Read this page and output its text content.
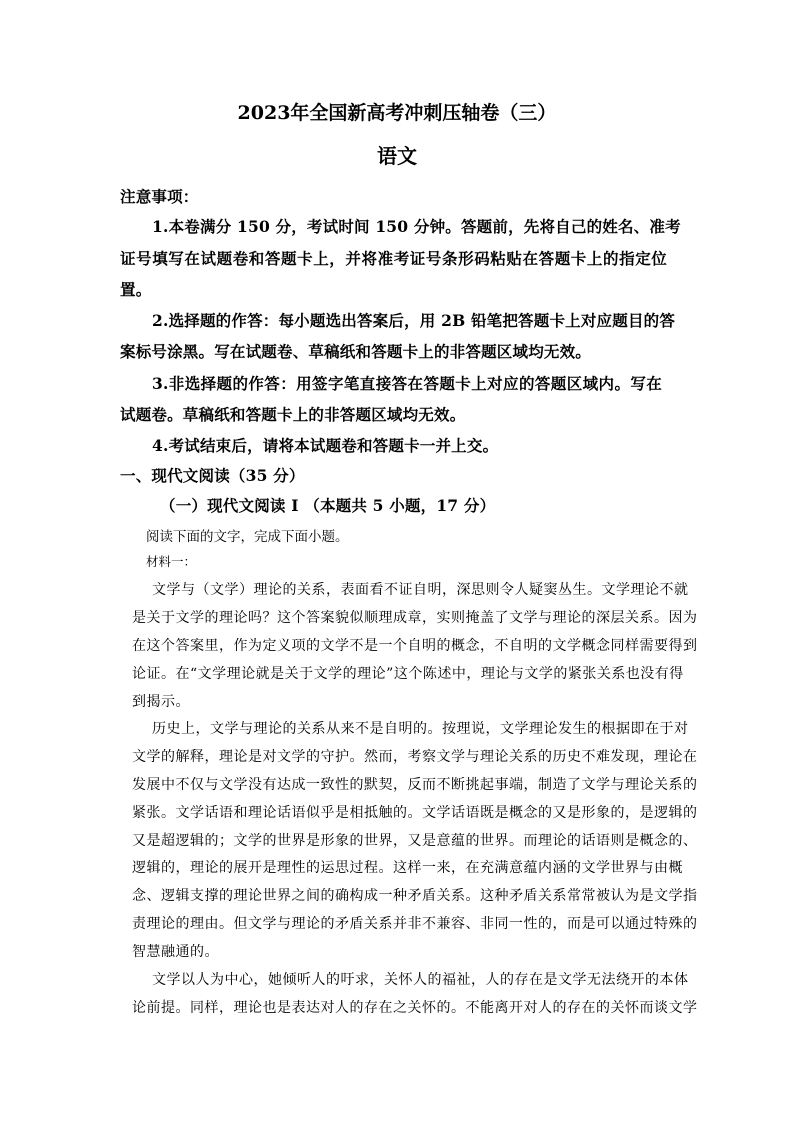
2023年全国新高考冲刺压轴卷（三）
语文
注意事项：
1.本卷满分 150 分，考试时间 150 分钟。答题前，先将自己的姓名、准考
证号填写在试题卷和答题卡上，并将准考证号条形码粘贴在答题卡上的指定位
置。
2.选择题的作答：每小题选出答案后，用 2B 铅笔把答题卡上对应题目的答
案标号涂黑。写在试题卷、草稿纸和答题卡上的非答题区域均无效。
3.非选择题的作答：用签字笔直接答在答题卡上对应的答题区域内。写在
试题卷。草稿纸和答题卡上的非答题区域均无效。
4.考试结束后，请将本试题卷和答题卡一并上交。
一、现代文阅读（35 分）
（一）现代文阅读 I （本题共 5 小题，17 分）
阅读下面的文字，完成下面小题。
材料一：
文学与（文学）理论的关系，表面看不证自明，深思则令人疑窦丛生。文学理论不就
是关于文学的理论吗？这个答案貌似顺理成章，实则掩盖了文学与理论的深层关系。因为
在这个答案里，作为定义项的文学不是一个自明的概念，不自明的文学概念同样需要得到
论证。在“文学理论就是关于文学的理论”这个陈述中，理论与文学的紧张关系也没有得
到揭示。
历史上，文学与理论的关系从来不是自明的。按理说，文学理论发生的根据即在于对
文学的解释，理论是对文学的守护。然而，考察文学与理论关系的历史不难发现，理论在
发展中不仅与文学没有达成一致性的默契，反而不断挑起事端，制造了文学与理论关系的
紧张。文学话语和理论话语似乎是相抵触的。文学话语既是概念的又是形象的，是逻辑的
又是超逻辑的；文学的世界是形象的世界，又是意蕴的世界。而理论的话语则是概念的、
逻辑的，理论的展开是理性的运思过程。这样一来，在充满意蕴内涵的文学世界与由概
念、逻辑支撑的理论世界之间的确构成一种矛盾关系。这种矛盾关系常常被认为是文学指
责理论的理由。但文学与理论的矛盾关系并非不兼容、非同一性的，而是可以通过特殊的
智慧融通的。
文学以人为中心，她倾听人的吁求，关怀人的福祉，人的存在是文学无法绕开的本体
论前提。同样，理论也是表达对人的存在之关怀的。不能离开对人的存在的关怀而谈文学
